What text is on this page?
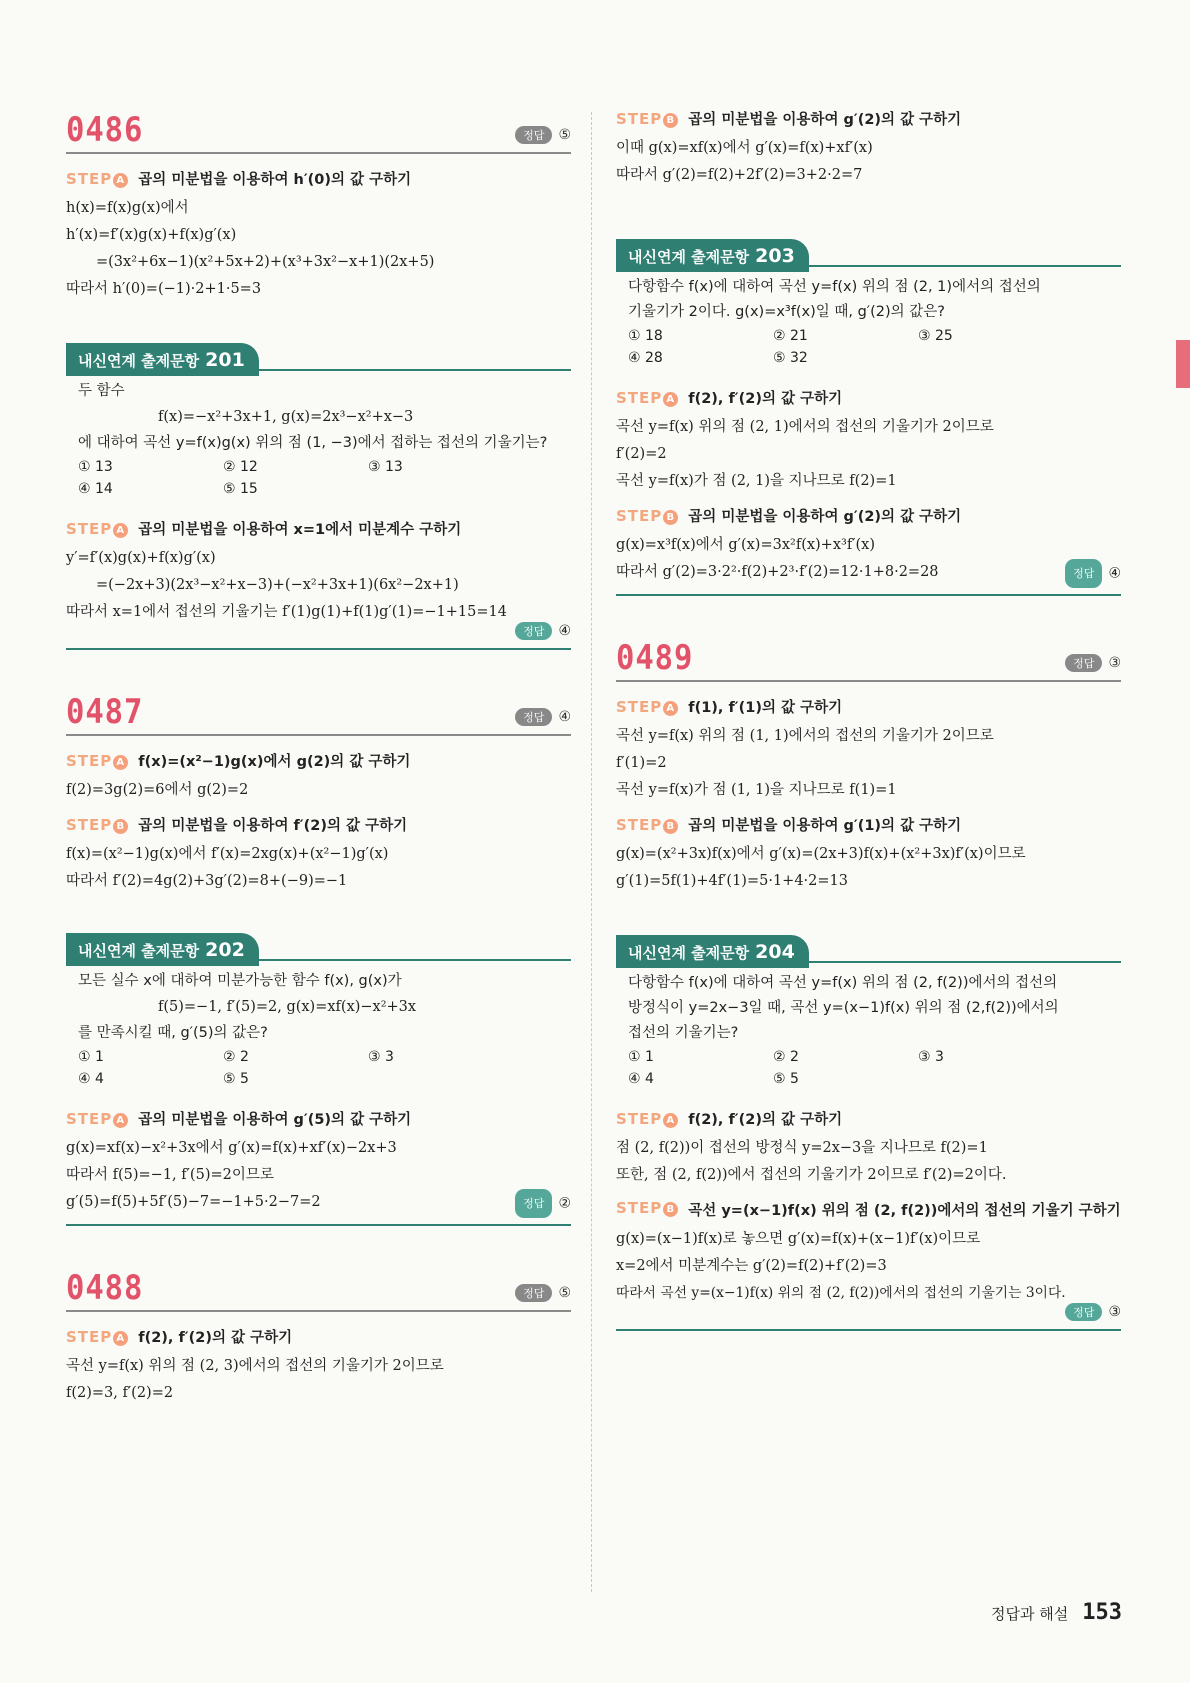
0486	정답 ⑤
STEP A 곱의 미분법을 이용하여 h′(0)의 값 구하기
h(x)=f(x)g(x)에서
h′(x)=f′(x)g(x)+f(x)g′(x)
=(3x²+6x−1)(x²+5x+2)+(x³+3x²−x+1)(2x+5)
따라서 h′(0)=(−1)·2+1·5=3
내신연계 출제문항 201
두 함수
f(x)=−x²+3x+1, g(x)=2x³−x²+x−3
에 대하여 곡선 y=f(x)g(x) 위의 점 (1, −3)에서 접하는 접선의 기울기는?
① 13	② 12	③ 13
④ 14	⑤ 15
STEP A 곱의 미분법을 이용하여 x=1에서 미분계수 구하기
y′=f′(x)g(x)+f(x)g′(x)
=(−2x+3)(2x³−x²+x−3)+(−x²+3x+1)(6x²−2x+1)
따라서 x=1에서 접선의 기울기는 f′(1)g(1)+f(1)g′(1)=−1+15=14
정답 ④
0487	정답 ④
STEP A f(x)=(x²−1)g(x)에서 g(2)의 값 구하기
f(2)=3g(2)=6에서 g(2)=2
STEP B 곱의 미분법을 이용하여 f′(2)의 값 구하기
f(x)=(x²−1)g(x)에서 f′(x)=2xg(x)+(x²−1)g′(x)
따라서 f′(2)=4g(2)+3g′(2)=8+(−9)=−1
내신연계 출제문항 202
모든 실수 x에 대하여 미분가능한 함수 f(x), g(x)가
f(5)=−1, f′(5)=2, g(x)=xf(x)−x²+3x
를 만족시킬 때, g′(5)의 값은?
① 1	② 2	③ 3
④ 4	⑤ 5
STEP A 곱의 미분법을 이용하여 g′(5)의 값 구하기
g(x)=xf(x)−x²+3x에서 g′(x)=f(x)+xf′(x)−2x+3
따라서 f(5)=−1, f′(5)=2이므로
g′(5)=f(5)+5f′(5)−7=−1+5·2−7=2	정답 ②
0488	정답 ⑤
STEP A f(2), f′(2)의 값 구하기
곡선 y=f(x) 위의 점 (2, 3)에서의 접선의 기울기가 2이므로
f(2)=3, f′(2)=2
STEP B 곱의 미분법을 이용하여 g′(2)의 값 구하기
이때 g(x)=xf(x)에서 g′(x)=f(x)+xf′(x)
따라서 g′(2)=f(2)+2f′(2)=3+2·2=7
내신연계 출제문항 203
다항함수 f(x)에 대하여 곡선 y=f(x) 위의 점 (2, 1)에서의 접선의
기울기가 2이다. g(x)=x³f(x)일 때, g′(2)의 값은?
① 18	② 21	③ 25
④ 28	⑤ 32
STEP A f(2), f′(2)의 값 구하기
곡선 y=f(x) 위의 점 (2, 1)에서의 접선의 기울기가 2이므로
f′(2)=2
곡선 y=f(x)가 점 (2, 1)을 지나므로 f(2)=1
STEP B 곱의 미분법을 이용하여 g′(2)의 값 구하기
g(x)=x³f(x)에서 g′(x)=3x²f(x)+x³f′(x)
따라서 g′(2)=3·2²·f(2)+2³·f′(2)=12·1+8·2=28	정답 ④
0489	정답 ③
STEP A f(1), f′(1)의 값 구하기
곡선 y=f(x) 위의 점 (1, 1)에서의 접선의 기울기가 2이므로
f′(1)=2
곡선 y=f(x)가 점 (1, 1)을 지나므로 f(1)=1
STEP B 곱의 미분법을 이용하여 g′(1)의 값 구하기
g(x)=(x²+3x)f(x)에서 g′(x)=(2x+3)f(x)+(x²+3x)f′(x)이므로
g′(1)=5f(1)+4f′(1)=5·1+4·2=13
내신연계 출제문항 204
다항함수 f(x)에 대하여 곡선 y=f(x) 위의 점 (2, f(2))에서의 접선의
방정식이 y=2x−3일 때, 곡선 y=(x−1)f(x) 위의 점 (2,f(2))에서의
접선의 기울기는?
① 1	② 2	③ 3
④ 4	⑤ 5
STEP A f(2), f′(2)의 값 구하기
점 (2, f(2))이 접선의 방정식 y=2x−3을 지나므로 f(2)=1
또한, 점 (2, f(2))에서 접선의 기울기가 2이므로 f′(2)=2이다.
STEP B 곡선 y=(x−1)f(x) 위의 점 (2, f(2))에서의 접선의 기울기 구하기
g(x)=(x−1)f(x)로 놓으면 g′(x)=f(x)+(x−1)f′(x)이므로
x=2에서 미분계수는 g′(2)=f(2)+f′(2)=3
따라서 곡선 y=(x−1)f(x) 위의 점 (2, f(2))에서의 접선의 기울기는 3이다.
정답 ③
정답과 해설 153
